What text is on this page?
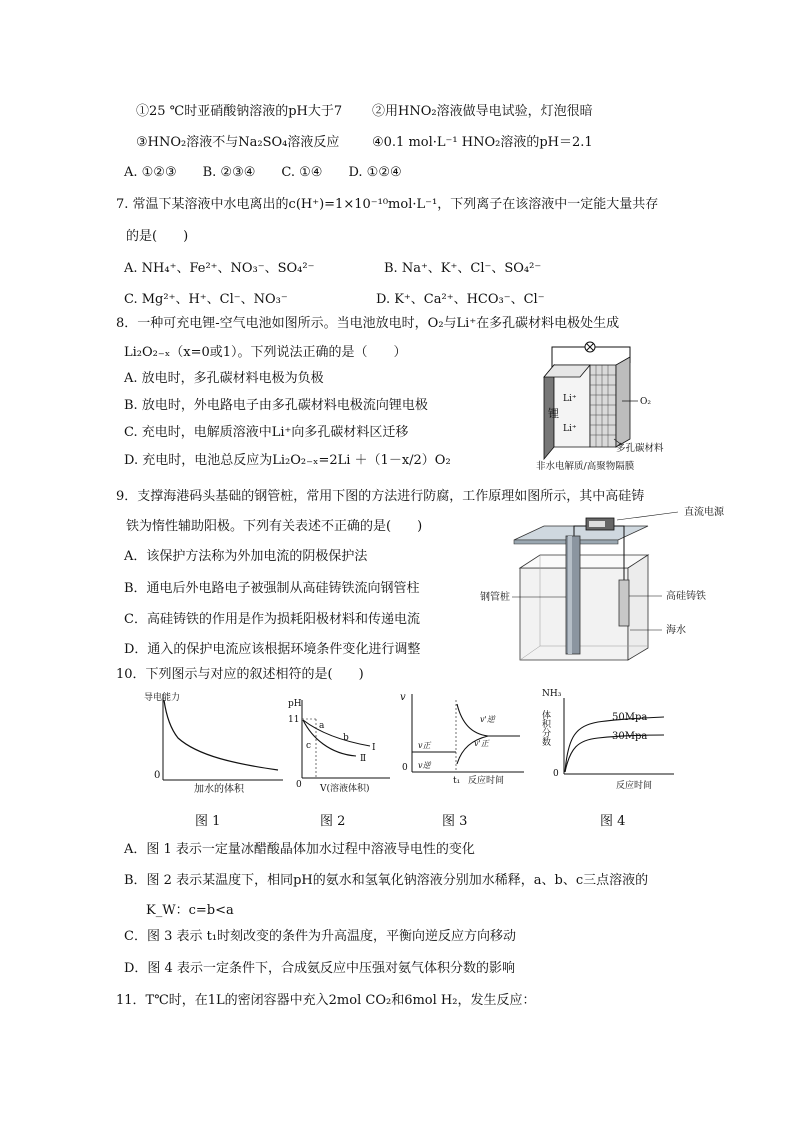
①25 ℃时亚硝酸钠溶液的pH大于7 ②用HNO₂溶液做导电试验，灯泡很暗
③HNO₂溶液不与Na₂SO₄溶液反应	④0.1 mol·L⁻¹ HNO₂溶液的pH＝2.1
A. ①②③　　B. ②③④　　C. ①④　　D. ①②④
7. 常温下某溶液中水电离出的c(H⁺)=1×10⁻¹⁰mol·L⁻¹，下列离子在该溶液中一定能大量共存
的是(　　)
A. NH₄⁺、Fe²⁺、NO₃⁻、SO₄²⁻	B. Na⁺、K⁺、Cl⁻、SO₄²⁻
C. Mg²⁺、H⁺、Cl⁻、NO₃⁻	D. K⁺、Ca²⁺、HCO₃⁻、Cl⁻
8．一种可充电锂-空气电池如图所示。当电池放电时，O₂与Li⁺在多孔碳材料电极处生成
Li₂O₂₋ₓ（x=0或1）。下列说法正确的是（　　）
A. 放电时，多孔碳材料电极为负极
B. 放电时，外电路电子由多孔碳材料电极流向锂电极
C. 充电时，电解质溶液中Li⁺向多孔碳材料区迁移
D. 充电时，电池总反应为Li₂O₂₋ₓ=2Li ＋（1－x/2）O₂
锂
Li⁺
Li⁺
O₂
多孔碳材料
非水电解质/高聚物隔膜
9．支撑海港码头基础的钢管桩，常用下图的方法进行防腐，工作原理如图所示，其中高硅铸
铁为惰性辅助阳极。下列有关表述不正确的是(　　)
A．该保护方法称为外加电流的阴极保护法
B．通电后外电路电子被强制从高硅铸铁流向钢管柱
C．高硅铸铁的作用是作为损耗阳极材料和传递电流
D．通入的保护电流应该根据环境条件变化进行调整
直流电源
钢管桩	高硅铸铁
海水
10．下列图示与对应的叙述相符的是(　　)
导电能力
0
加水的体积
pH
11
0
a
b
c	Ⅰ
Ⅱ
V(溶液体积)
v
0
v正
v逆
v'逆
v'正
t₁ 反应时间
NH₃
体积分数
0
50Mpa
30Mpa
反应时间
图 1	图 2	图 3	图 4
A．图 1 表示一定量冰醋酸晶体加水过程中溶液导电性的变化
B．图 2 表示某温度下，相同pH的氨水和氢氧化钠溶液分别加水稀释，a、b、c三点溶液的
K_W：c=b<a
C．图 3 表示 t₁时刻改变的条件为升高温度，平衡向逆反应方向移动
D．图 4 表示一定条件下，合成氨反应中压强对氨气体积分数的影响
11．T℃时，在1L的密闭容器中充入2mol CO₂和6mol H₂，发生反应：
